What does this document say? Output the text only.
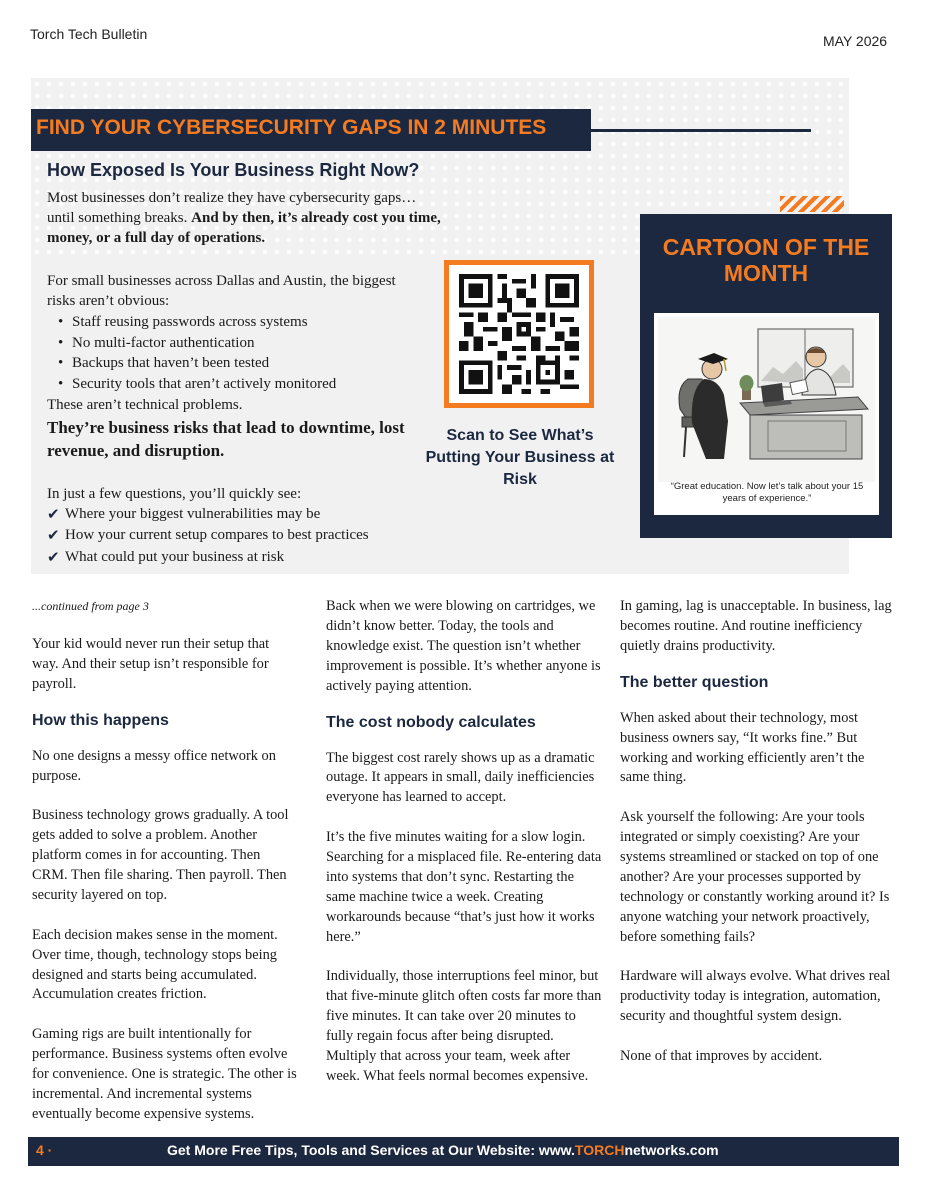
Torch Tech Bulletin	MAY 2026
FIND YOUR CYBERSECURITY GAPS IN 2 MINUTES
How Exposed Is Your Business Right Now?
Most businesses don’t realize they have cybersecurity gaps… until something breaks. And by then, it’s already cost you time, money, or a full day of operations.
For small businesses across Dallas and Austin, the biggest risks aren’t obvious:
• Staff reusing passwords across systems
• No multi-factor authentication
• Backups that haven’t been tested
• Security tools that aren’t actively monitored
These aren’t technical problems.
They’re business risks that lead to downtime, lost revenue, and disruption.
In just a few questions, you’ll quickly see:
✔ Where your biggest vulnerabilities may be
✔ How your current setup compares to best practices
✔ What could put your business at risk
Scan to See What’s Putting Your Business at Risk
CARTOON OF THE MONTH
“Great education. Now let’s talk about your 15 years of experience.”

...continued from page 3

Your kid would never run their setup that way. And their setup isn’t responsible for payroll.

How this happens

No one designs a messy office network on purpose.

Business technology grows gradually. A tool gets added to solve a problem. Another platform comes in for accounting. Then CRM. Then file sharing. Then payroll. Then security layered on top.

Each decision makes sense in the moment. Over time, though, technology stops being designed and starts being accumulated. Accumulation creates friction.

Gaming rigs are built intentionally for performance. Business systems often evolve for convenience. One is strategic. The other is incremental. And incremental systems eventually become expensive systems.

Back when we were blowing on cartridges, we didn’t know better. Today, the tools and knowledge exist. The question isn’t whether improvement is possible. It’s whether anyone is actively paying attention.

The cost nobody calculates

The biggest cost rarely shows up as a dramatic outage. It appears in small, daily inefficiencies everyone has learned to accept.

It’s the five minutes waiting for a slow login. Searching for a misplaced file. Re-entering data into systems that don’t sync. Restarting the same machine twice a week. Creating workarounds because “that’s just how it works here.”

Individually, those interruptions feel minor, but that five-minute glitch often costs far more than five minutes. It can take over 20 minutes to fully regain focus after being disrupted. Multiply that across your team, week after week. What feels normal becomes expensive.

In gaming, lag is unacceptable. In business, lag becomes routine. And routine inefficiency quietly drains productivity.

The better question

When asked about their technology, most business owners say, “It works fine.” But working and working efficiently aren’t the same thing.

Ask yourself the following: Are your tools integrated or simply coexisting? Are your systems streamlined or stacked on top of one another? Are your processes supported by technology or constantly working around it? Is anyone watching your network proactively, before something fails?

Hardware will always evolve. What drives real productivity today is integration, automation, security and thoughtful system design.

None of that improves by accident.

4 ·	Get More Free Tips, Tools and Services at Our Website: www.TORCHnetworks.com
